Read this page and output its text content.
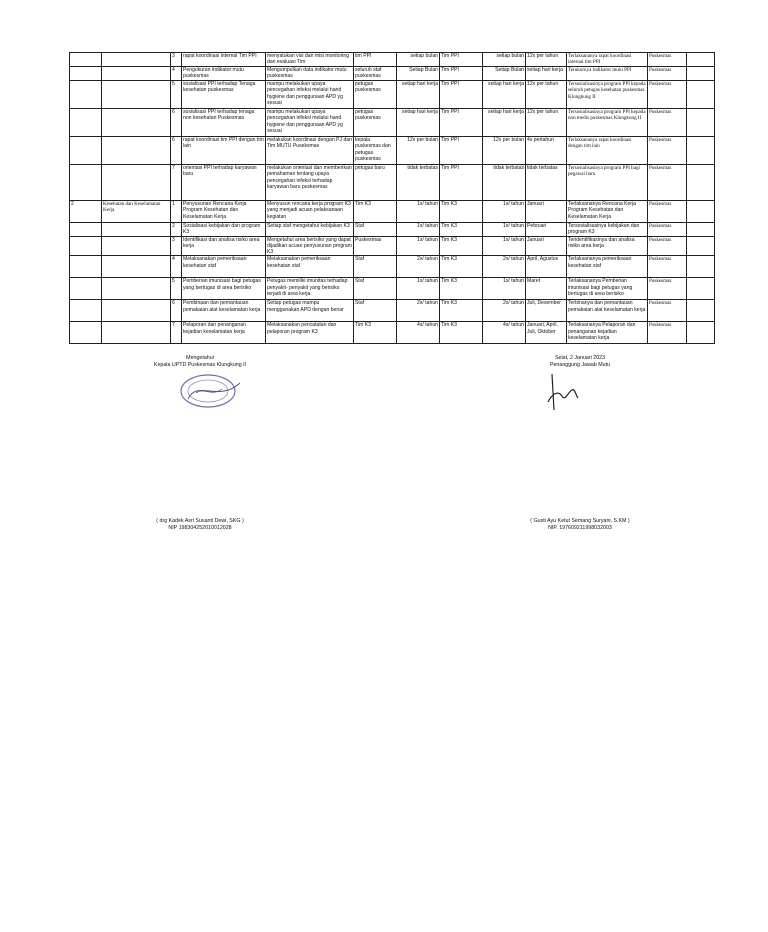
		3	rapat koordinasi internal Tim PPI	menyatukan visi dan misi monitoring dan evaluasi Tim	tim PPI	setiap bulan	Tim PPI	setiap bulan	12x per tahun	Terlaksananya rapat koordinasi internal tim PPI	Puskesmas	
		4	Pengukuran indikator mutu puskesmas	Mengumpulkan data indikator mutu puskesmas	seluruh staf puskesmas	Setiap Bulan	Tim PPI	Setiap Bulan	setiap hari kerja	Terukurnya indikator mutu PPI	Puskesmas	
		5	sosialisasi PPI terhadap Tenaga kesehatan puskesmas	mampu melakukan upaya pencegahan infeksi melalui hand hygiene dan penggunaan APD yg sesuai	petugas puskesmas	setiap hari kerja	Tim PPI	setiap hari kerja	12x per tahun	Tersosialisasinya program PPI kepada seluruh petugas kesehatan puskesmas Klungkung II	Puskesmas	
		6	sosialisasi PPI terhadap tenaga non kesehatan Puskesmas	mampu melakukan upaya pencegahan infeksi melalui hand hygiene dan penggunaan APD yg sesuai	petugas puskesmas	setiap hari kerja	Tim PPI	setiap hari kerja	12x per tahun	Tersosialisasinya program PPI kepada non medis puskesmas Klungkung II	Puskesmas	
		6	rapat koordinasi tim PPI dengan tim lain	melakukan koordinasi dengan PJ dan Tim MUTU Puseksmas	kepala puskesmas dan petugas puskesmas	12x per bulan	Tim PPI	12x per bulan	4x pertahun	Terlaksananya rapat koordinasi dengan tim lain	Puskesmas	
		7	orientasi PPI terhadap karyawan baru	melakukan orientasi dan memberikan pemahaman tentang upaya pencegahan infeksi terhadap karyawan baru puskesmas	petugas baru	tidak terbatas	Tim PPI	tidak terbatas	tidak terbatas	Tersosialisasinya program PPI bagi pegawai baru	Puskesmas	
2	Kesehatan dan Keselamatan Kerja	1	Penyusunan Rencana Kerja Program Kesehatan dan Keselamatan Kerja	Menyusun rencana kerja program K3 yang menjadi acuan pelaksanaan kegiatan	Tim K3	1x/ tahun	Tim K3	1x/ tahun	Januari	Terlaksananya Rencana Kerja Program Kesehatan dan Keselamatan Kerja	Puskesmas	
		2	Sosialisasi kebijakan dan program K3	Setiap staf mengetahui kebijakan K3	Staf	1x/ tahun	Tim K3	1x/ tahun	Pebruari	Tersosialisasinya kebijakan dan program K3	Puskesmas	
		3	Identifikasi dan analisa risiko area kerja	Mengetahui area berisiko yang dapat dijadikan acuan penyusunan program K3	Puskesmas	1x/ tahun	Tim K3	1x/ tahun	Januari	Teridentifikasinya dan analisa risiko area kerja	Puskesmas	
		4	Melaksanakan pemeriksaan kesehatan staf	Melaksanakan pemeriksaan kesehatan staf	Staf	2x/ tahun	Tim K3	2x/ tahun	April, Agustus	Terlaksananya pemeriksaan kesehatan staf	Puskesmas	
		5	Pemberian imunisasi bagi petugas yang bertugas di area berisiko	Petugas memiliki imunitas terhadap penyakit- penyakit yang berisiko terjadi di area kerja	Staf	1x/ tahun	Tim K3	1x/ tahun	Maret	Terlaksananya Pemberian imunisasi bagi petugas yang bertugas di area berisiko	Puskesmas	
		6	Pembinaan dan pemantauan pemakaian alat keselamatan kerja	Setiap petugas mampu menggunakan APD dengan benar	Staf	2x/ tahun	Tim K3	2x/ tahun	Juli, Desember	Terbinanya dan pemantauan pemakaian alat keselamatan kerja	Puskesmas	
		7	Pelaporan dan penanganan kejadian keselamatan kerja	Melaksanakan pencatatan dan pelaporan program K3	Tim K3	4x/ tahun	Tim K3	4x/ tahun	Januari, April, Juli, Oktober	Terlaksananya Pelaporan dan penanganan kejadian keselamatan kerja	Puskesmas	
Mengetahui
Kepala UPTD Puskesmas Klungkung II
( drg Kadek Asri Susanti Dewi, SKG )
NIP 198304252010012028
Selat, 2 Januari 2023
Penanggung Jawab Mutu
( Gusti Ayu Ketut Semang Suryani, S.KM )
NIP. 197609211998032003
